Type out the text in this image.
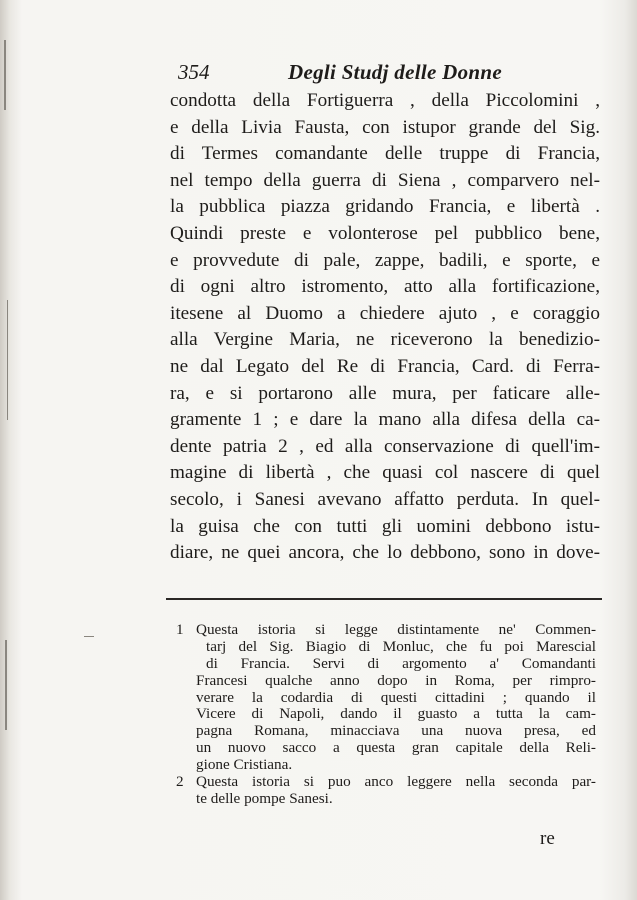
354	Degli Studj delle Donne
condotta della Fortiguerra , della Piccolomini ,
e della Livia Fausta, con istupor grande del Sig.
di Termes comandante delle truppe di Francia,
nel tempo della guerra di Siena , comparvero nel-
la pubblica piazza gridando Francia, e libertà .
Quindi preste e volonterose pel pubblico bene,
e provvedute di pale, zappe, badili, e sporte, e
di ogni altro istromento, atto alla fortificazione,
itesene al Duomo a chiedere ajuto , e coraggio
alla Vergine Maria, ne riceverono la benedizio-
ne dal Legato del Re di Francia, Card. di Ferra-
ra, e si portarono alle mura, per faticare alle-
gramente 1 ; e dare la mano alla difesa della ca-
dente patria 2 , ed alla conservazione di quell'im-
magine di libertà , che quasi col nascere di quel
secolo, i Sanesi avevano affatto perduta. In quel-
la guisa che con tutti gli uomini debbono istu-
diare, ne quei ancora, che lo debbono, sono in dove-
1 Questa istoria si legge distintamente ne' Commen-
tarj del Sig. Biagio di Monluc, che fu poi Marescial
di Francia. Servi di argomento a' Comandanti
Francesi qualche anno dopo in Roma, per rimpro-
verare la codardia di questi cittadini ; quando il
Vicere di Napoli, dando il guasto a tutta la cam-
pagna Romana, minacciava una nuova presa, ed
un nuovo sacco a questa gran capitale della Reli-
gione Cristiana.
2 Questa istoria si puo anco leggere nella seconda par-
te delle pompe Sanesi.
re
